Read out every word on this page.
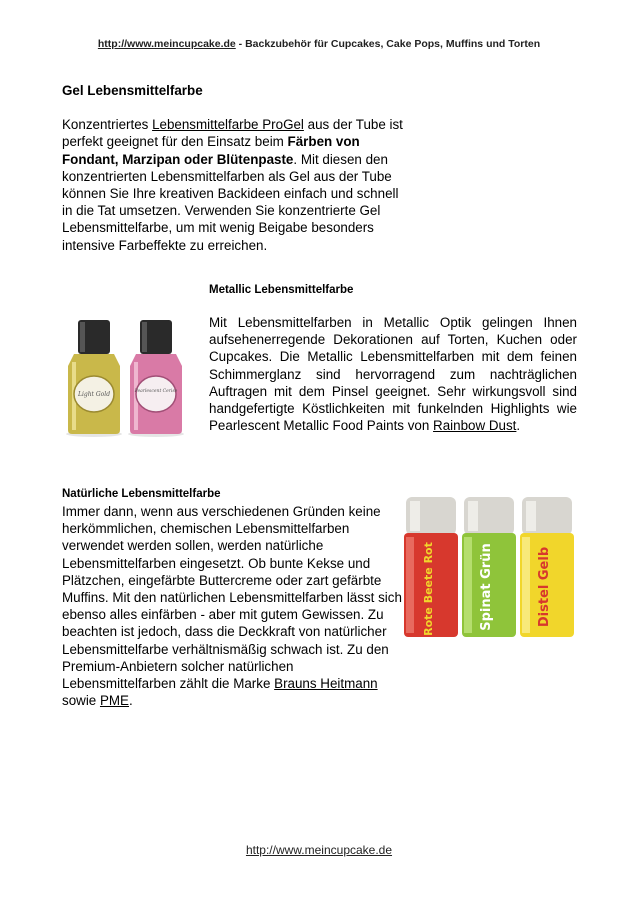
http://www.meincupcake.de - Backzubehör für Cupcakes, Cake Pops, Muffins und Torten
Gel Lebensmittelfarbe
Konzentriertes Lebensmittelfarbe ProGel aus der Tube ist perfekt geeignet für den Einsatz beim Färben von Fondant, Marzipan oder Blütenpaste. Mit diesen den konzentrierten Lebensmittelfarben als Gel aus der Tube können Sie Ihre kreativen Backideen einfach und schnell in die Tat umsetzen. Verwenden Sie konzentrierte Gel Lebensmittelfarbe, um mit wenig Beigabe besonders intensive Farbeffekte zu erreichen.
Light Gold	Pearlescent Cerise
Metallic Lebensmittelfarbe
Mit Lebensmittelfarben in Metallic Optik gelingen Ihnen aufsehenerregende Dekorationen auf Torten, Kuchen oder Cupcakes. Die Metallic Lebensmittelfarben mit dem feinen Schimmerglanz sind hervorragend zum nachträglichen Auftragen mit dem Pinsel geeignet. Sehr wirkungsvoll sind handgefertigte Köstlichkeiten mit funkelnden Highlights wie Pearlescent Metallic Food Paints von Rainbow Dust.
Natürliche Lebensmittelfarbe
Immer dann, wenn aus verschiedenen Gründen keine herkömmlichen, chemischen Lebensmittelfarben verwendet werden sollen, werden natürliche Lebensmittelfarben eingesetzt. Ob bunte Kekse und Plätzchen, eingefärbte Buttercreme oder zart gefärbte Muffins. Mit den natürlichen Lebensmittelfarben lässt sich ebenso alles einfärben - aber mit gutem Gewissen. Zu beachten ist jedoch, dass die Deckkraft von natürlicher Lebensmittelfarbe verhältnismäßig schwach ist. Zu den Premium-Anbietern solcher natürlichen Lebensmittelfarben zählt die Marke Brauns Heitmann sowie PME.
Rote Beete Rot	Spinat Grün	Distel Gelb
http://www.meincupcake.de
